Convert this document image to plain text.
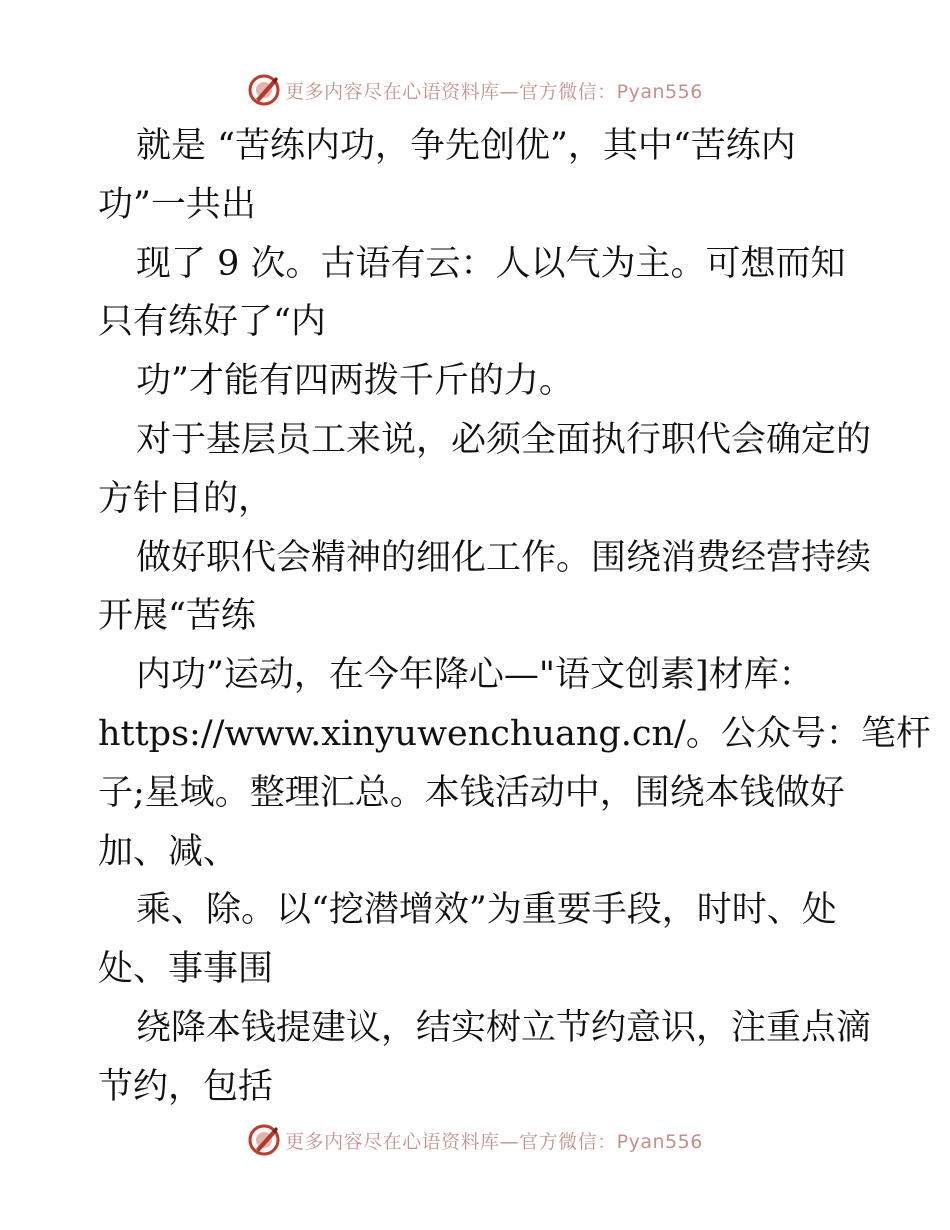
更多内容尽在心语资料库—官方微信：Pyan556
就是 “苦练内功，争先创优”，其中“苦练内
功”一共出
现了 9 次。古语有云：人以气为主。可想而知
只有练好了“内
功”才能有四两拨千斤的力。
对于基层员工来说，必须全面执行职代会确定的
方针目的，
做好职代会精神的细化工作。围绕消费经营持续
开展“苦练
内功”运动，在今年降心—"语文创素]材库：
https://www.xinyuwenchuang.cn/。公众号：笔杆
子;星域。整理汇总。本钱活动中，围绕本钱做好
加、减、
乘、除。以“挖潜增效”为重要手段，时时、处
处、事事围
绕降本钱提建议，结实树立节约意识，注重点滴
节约，包括
更多内容尽在心语资料库—官方微信：Pyan556
